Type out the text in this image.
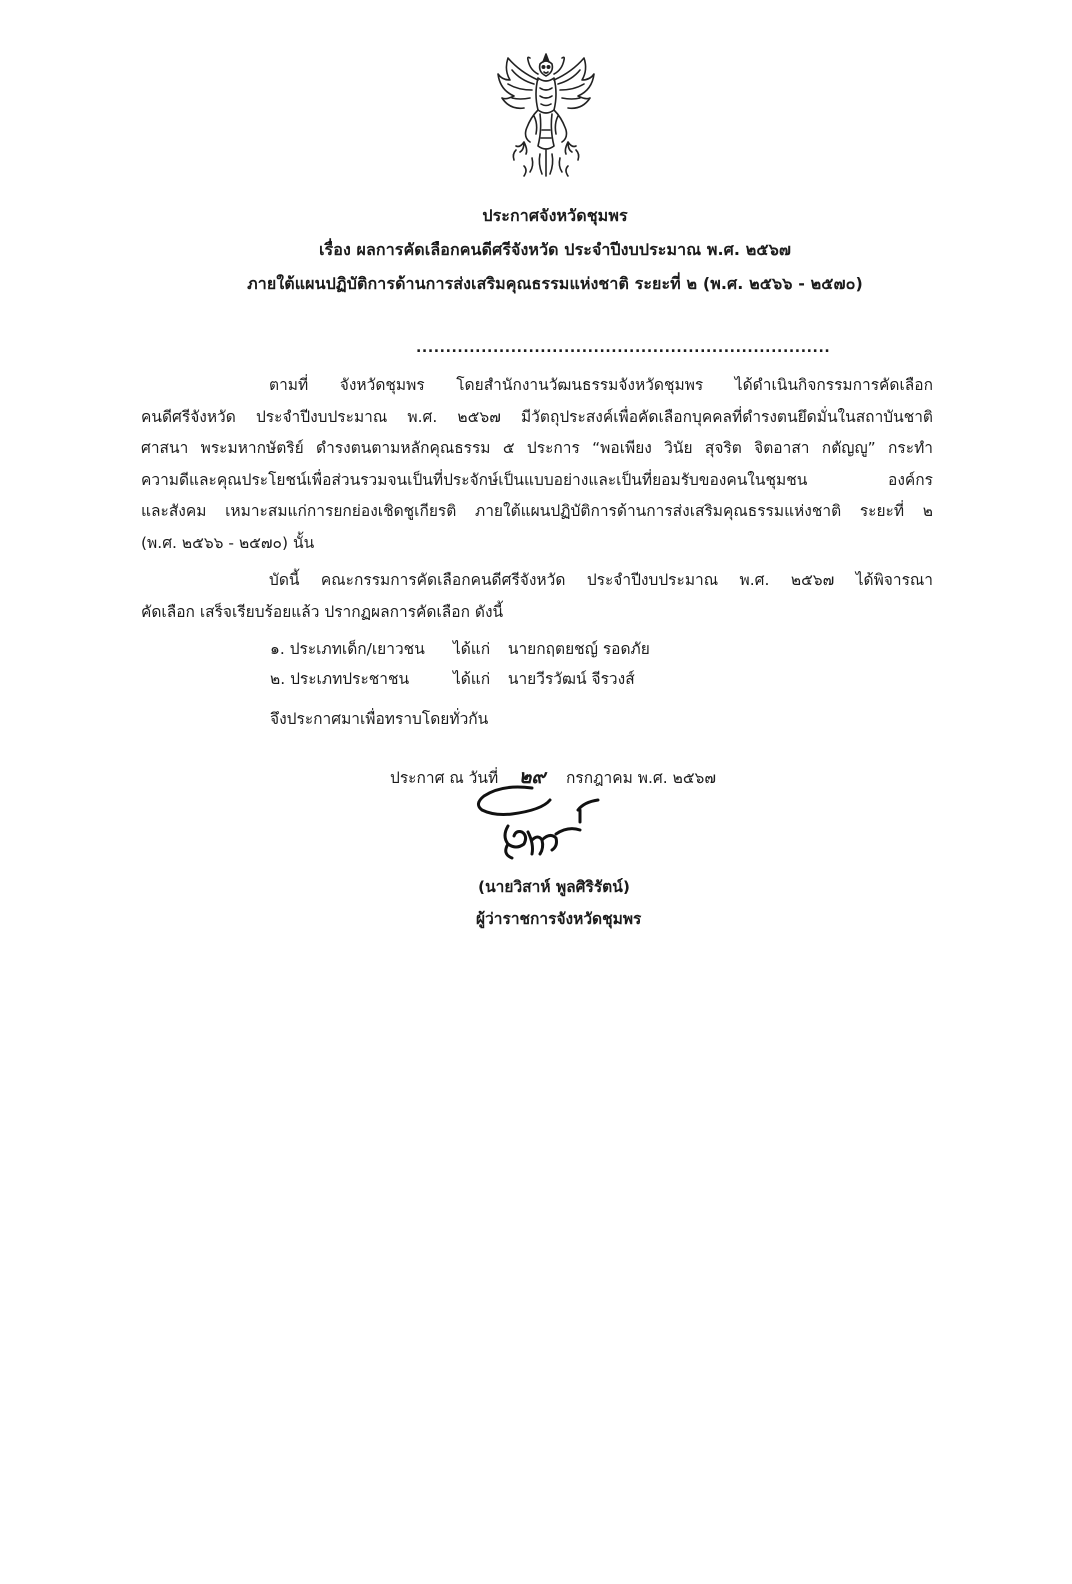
ประกาศจังหวัดชุมพร
เรื่อง ผลการคัดเลือกคนดีศรีจังหวัด ประจำปีงบประมาณ พ.ศ. ๒๕๖๗
ภายใต้แผนปฏิบัติการด้านการส่งเสริมคุณธรรมแห่งชาติ ระยะที่ ๒ (พ.ศ. ๒๕๖๖ - ๒๕๗๐)
......................................................................
ตามที่ จังหวัดชุมพร โดยสำนักงานวัฒนธรรมจังหวัดชุมพร ได้ดำเนินกิจกรรมการคัดเลือก
คนดีศรีจังหวัด ประจำปีงบประมาณ พ.ศ. ๒๕๖๗ มีวัตถุประสงค์เพื่อคัดเลือกบุคคลที่ดำรงตนยึดมั่นในสถาบันชาติ
ศาสนา พระมหากษัตริย์ ดำรงตนตามหลักคุณธรรม ๕ ประการ “พอเพียง วินัย สุจริต จิตอาสา กตัญญู” กระทำ
ความดีและคุณประโยชน์เพื่อส่วนรวมจนเป็นที่ประจักษ์เป็นแบบอย่างและเป็นที่ยอมรับของคนในชุมชน องค์กร
และสังคม เหมาะสมแก่การยกย่องเชิดชูเกียรติ ภายใต้แผนปฏิบัติการด้านการส่งเสริมคุณธรรมแห่งชาติ ระยะที่ ๒
(พ.ศ. ๒๕๖๖ - ๒๕๗๐) นั้น
บัดนี้ คณะกรรมการคัดเลือกคนดีศรีจังหวัด ประจำปีงบประมาณ พ.ศ. ๒๕๖๗ ได้พิจารณา
คัดเลือก เสร็จเรียบร้อยแล้ว ปรากฏผลการคัดเลือก ดังนี้
๑. ประเภทเด็ก/เยาวชน ได้แก่ นายกฤตยชญ์ รอดภัย
๒. ประเภทประชาชน	ได้แก่ นายวีรวัฒน์ จีรวงส์
จึงประกาศมาเพื่อทราบโดยทั่วกัน
ประกาศ ณ วันที่ ๒๙ กรกฎาคม พ.ศ. ๒๕๖๗
(นายวิสาห์ พูลศิริรัตน์)
ผู้ว่าราชการจังหวัดชุมพร
